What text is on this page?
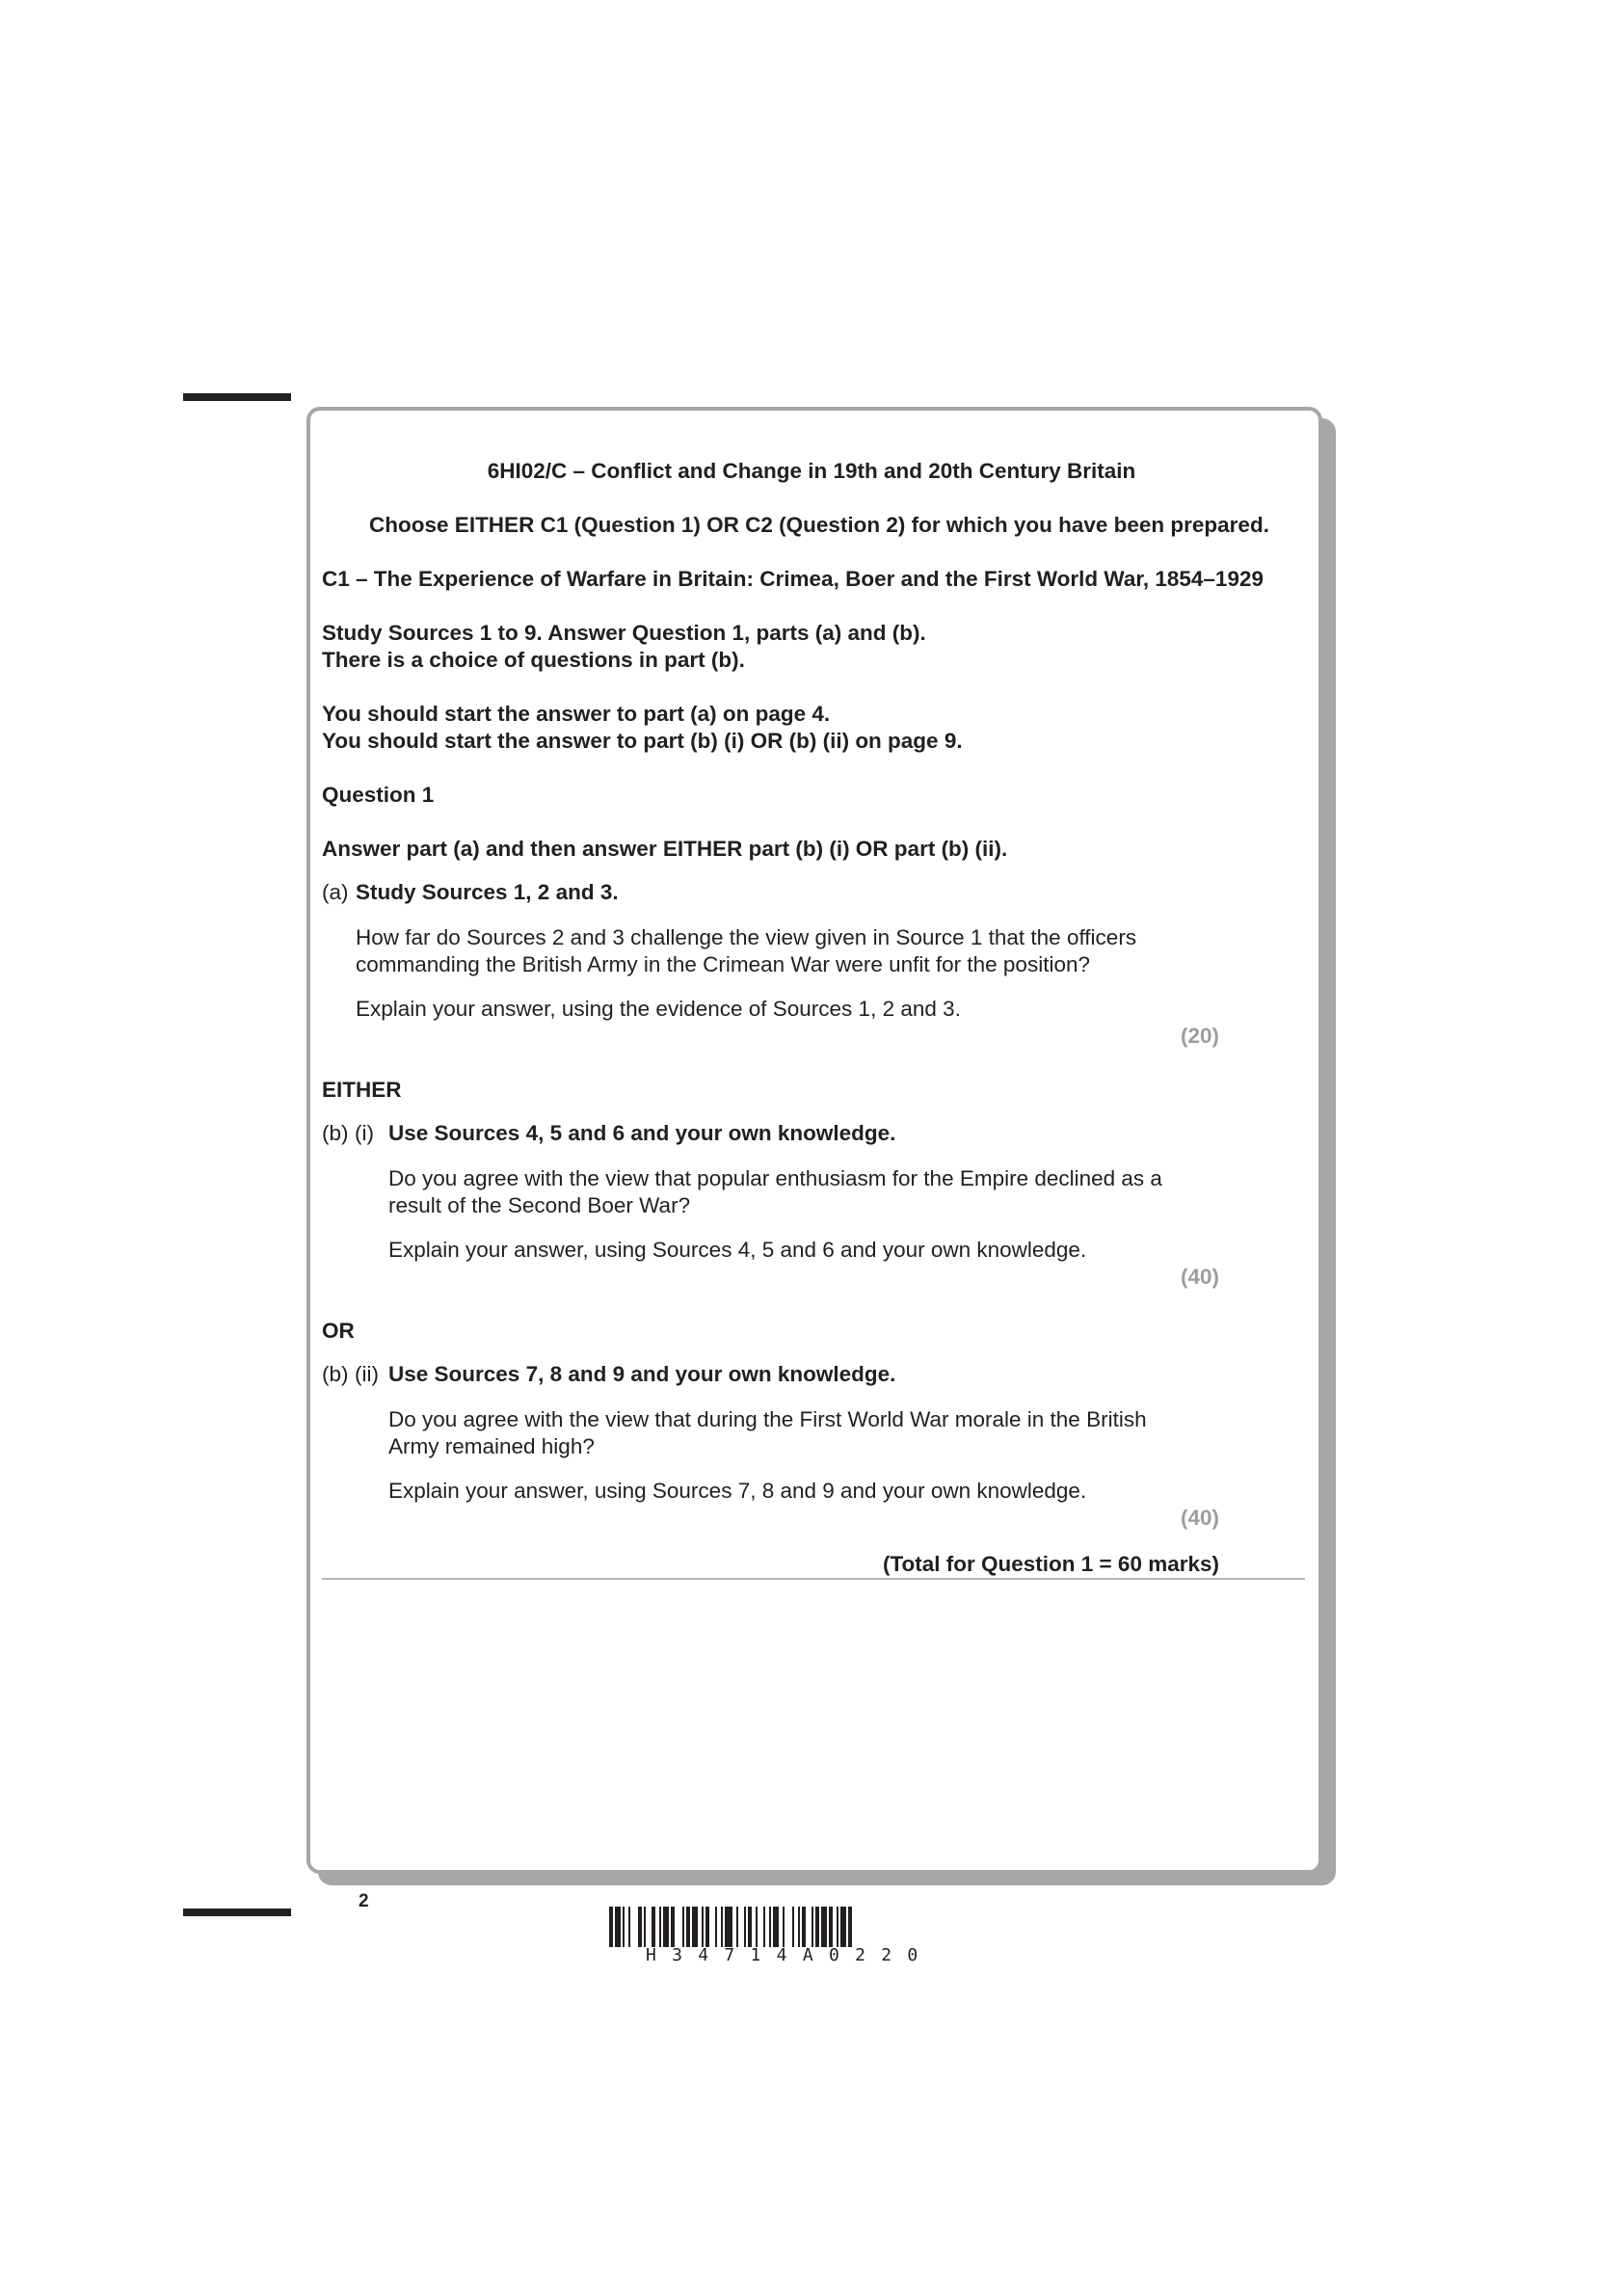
6HI02/C – Conflict and Change in 19th and 20th Century Britain
Choose EITHER C1 (Question 1) OR C2 (Question 2) for which you have been prepared.
C1 – The Experience of Warfare in Britain: Crimea, Boer and the First World War, 1854–1929
Study Sources 1 to 9. Answer Question 1, parts (a) and (b).
There is a choice of questions in part (b).
You should start the answer to part (a) on page 4.
You should start the answer to part (b) (i) OR (b) (ii) on page 9.
Question 1
Answer part (a) and then answer EITHER part (b) (i) OR part (b) (ii).
(a) Study Sources 1, 2 and 3.
How far do Sources 2 and 3 challenge the view given in Source 1 that the officers
commanding the British Army in the Crimean War were unfit for the position?
Explain your answer, using the evidence of Sources 1, 2 and 3.
(20)
EITHER
(b) (i) Use Sources 4, 5 and 6 and your own knowledge.
Do you agree with the view that popular enthusiasm for the Empire declined as a
result of the Second Boer War?
Explain your answer, using Sources 4, 5 and 6 and your own knowledge.
(40)
OR
(b) (ii) Use Sources 7, 8 and 9 and your own knowledge.
Do you agree with the view that during the First World War morale in the British
Army remained high?
Explain your answer, using Sources 7, 8 and 9 and your own knowledge.
(40)
(Total for Question 1 = 60 marks)
2
H34714A0220
